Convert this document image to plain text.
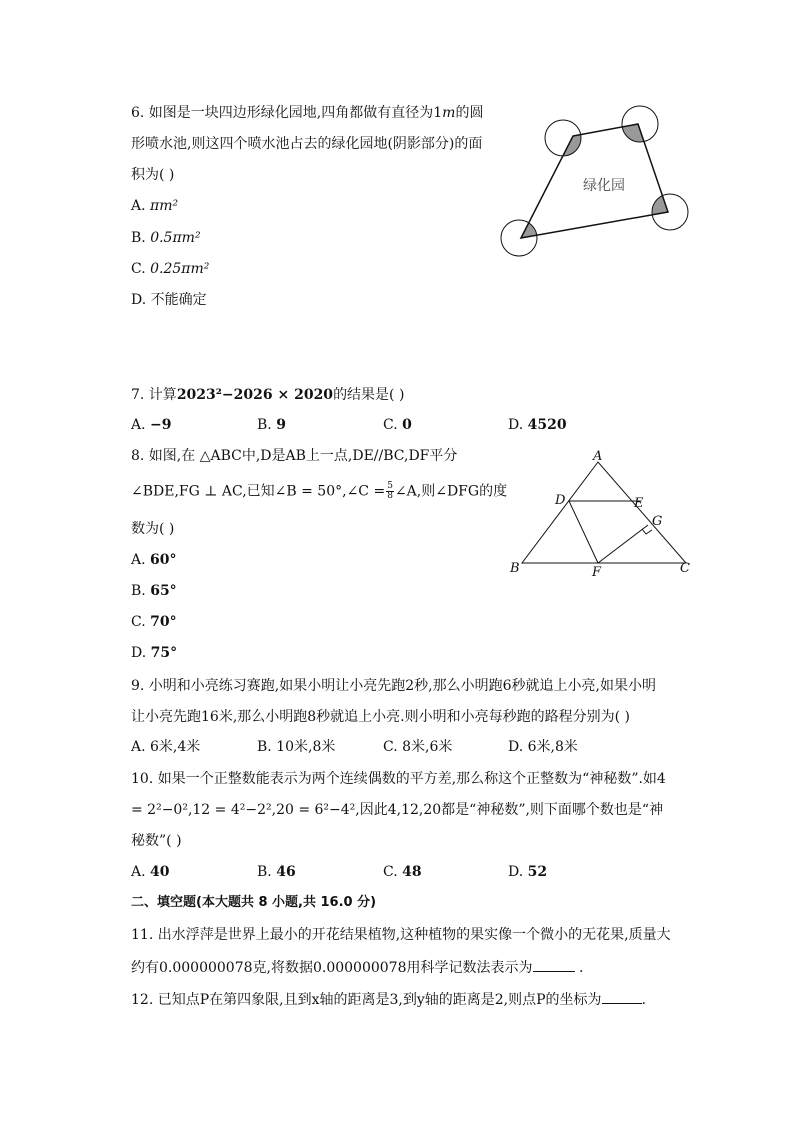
6. 如图是一块四边形绿化园地,四角都做有直径为1m的圆
形喷水池,则这四个喷水池占去的绿化园地(阴影部分)的面
积为( )
A. πm²
B. 0.5πm²
C. 0.25πm²
D. 不能确定
绿化园
7. 计算2023²−2026 × 2020的结果是( )
A. −9	B. 9	C. 0	D. 4520
8. 如图,在 △ABC中,D是AB上一点,DE//BC,DF平分
∠BDE,FG ⊥ AC,已知∠B = 50°,∠C = $\frac{5}{8}$ ∠A,则∠DFG的度
数为( )
A. 60°
B. 65°
C. 70°
D. 75°
A
B	C
D	E
F
G
9. 小明和小亮练习赛跑,如果小明让小亮先跑2秒,那么小明跑6秒就追上小亮,如果小明
让小亮先跑16米,那么小明跑8秒就追上小亮.则小明和小亮每秒跑的路程分别为( )
A. 6米,4米	B. 10米,8米	C. 8米,6米	D. 6米,8米
10. 如果一个正整数能表示为两个连续偶数的平方差,那么称这个正整数为“神秘数”.如4
= 2²−0²,12 = 4²−2²,20 = 6²−4²,因此4,12,20都是“神秘数”,则下面哪个数也是“神
秘数”( )
A. 40	B. 46	C. 48	D. 52
二、填空题(本大题共 8 小题,共 16.0 分)
11. 出水浮萍是世界上最小的开花结果植物,这种植物的果实像一个微小的无花果,质量大
约有0.000000078克,将数据0.000000078用科学记数法表示为	.
12. 已知点P在第四象限,且到x轴的距离是3,到y轴的距离是2,则点P的坐标为	.
